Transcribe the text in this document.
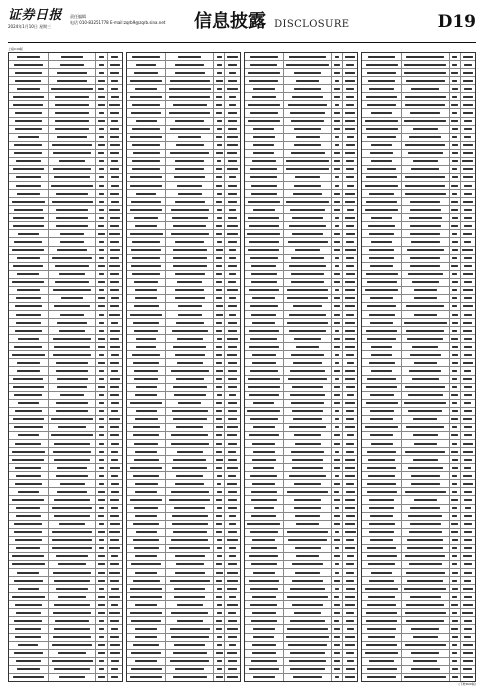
证券日报
2024年1月10日 星期三
责任编辑
电话 010-83251778 E-mail:zqrb9@zqrb.sina.net 信息披露 DISCLOSURE	D19
上接C19版
(下转D20版)
